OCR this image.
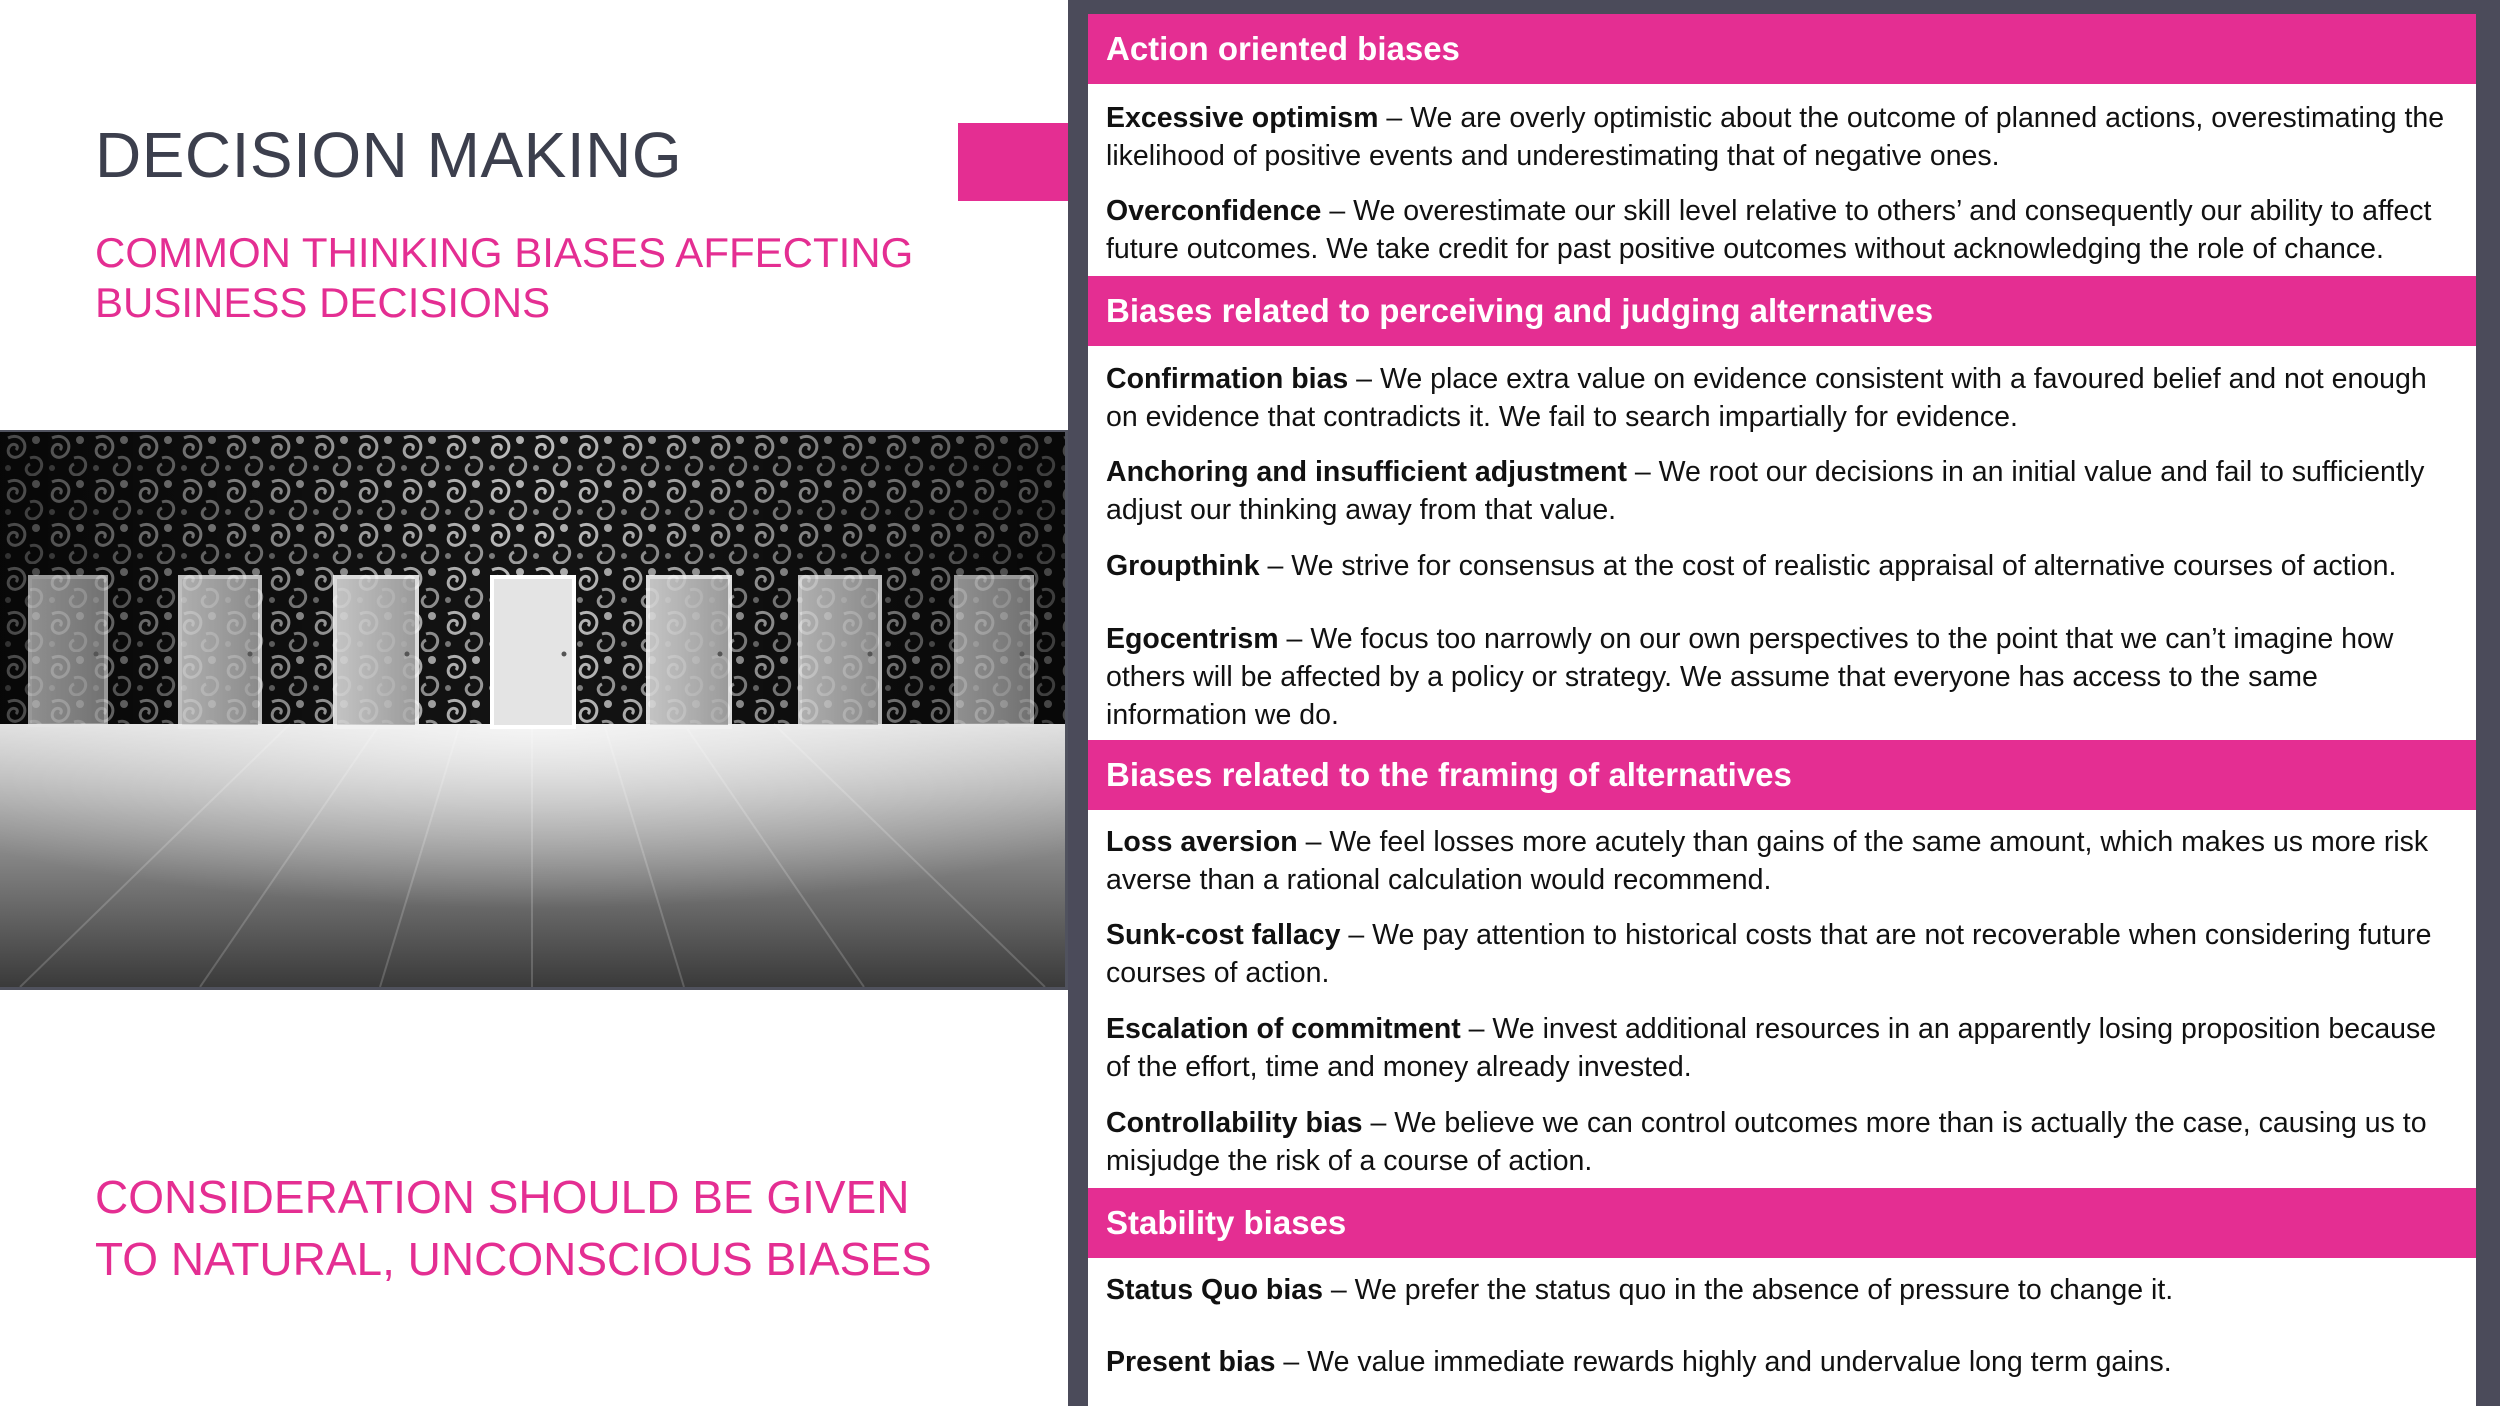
DECISION MAKING
COMMON THINKING BIASES AFFECTING
BUSINESS DECISIONS
CONSIDERATION SHOULD BE GIVEN
TO NATURAL, UNCONSCIOUS BIASES
Action oriented biases

Excessive optimism – We are overly optimistic about the outcome of planned actions, overestimating the likelihood of positive events and underestimating that of negative ones.

Overconfidence – We overestimate our skill level relative to others’ and consequently our ability to affect future outcomes. We take credit for past positive outcomes without acknowledging the role of chance.

Biases related to perceiving and judging alternatives

Confirmation bias – We place extra value on evidence consistent with a favoured belief and not enough on evidence that contradicts it. We fail to search impartially for evidence.

Anchoring and insufficient adjustment – We root our decisions in an initial value and fail to sufficiently adjust our thinking away from that value.

Groupthink – We strive for consensus at the cost of realistic appraisal of alternative courses of action.

Egocentrism – We focus too narrowly on our own perspectives to the point that we can’t imagine how others will be affected by a policy or strategy. We assume that everyone has access to the same information we do.

Biases related to the framing of alternatives

Loss aversion – We feel losses more acutely than gains of the same amount, which makes us more risk averse than a rational calculation would recommend.

Sunk-cost fallacy – We pay attention to historical costs that are not recoverable when considering future courses of action.

Escalation of commitment – We invest additional resources in an apparently losing proposition because of the effort, time and money already invested.

Controllability bias – We believe we can control outcomes more than is actually the case, causing us to misjudge the risk of a course of action.

Stability biases

Status Quo bias – We prefer the status quo in the absence of pressure to change it.

Present bias – We value immediate rewards highly and undervalue long term gains.
